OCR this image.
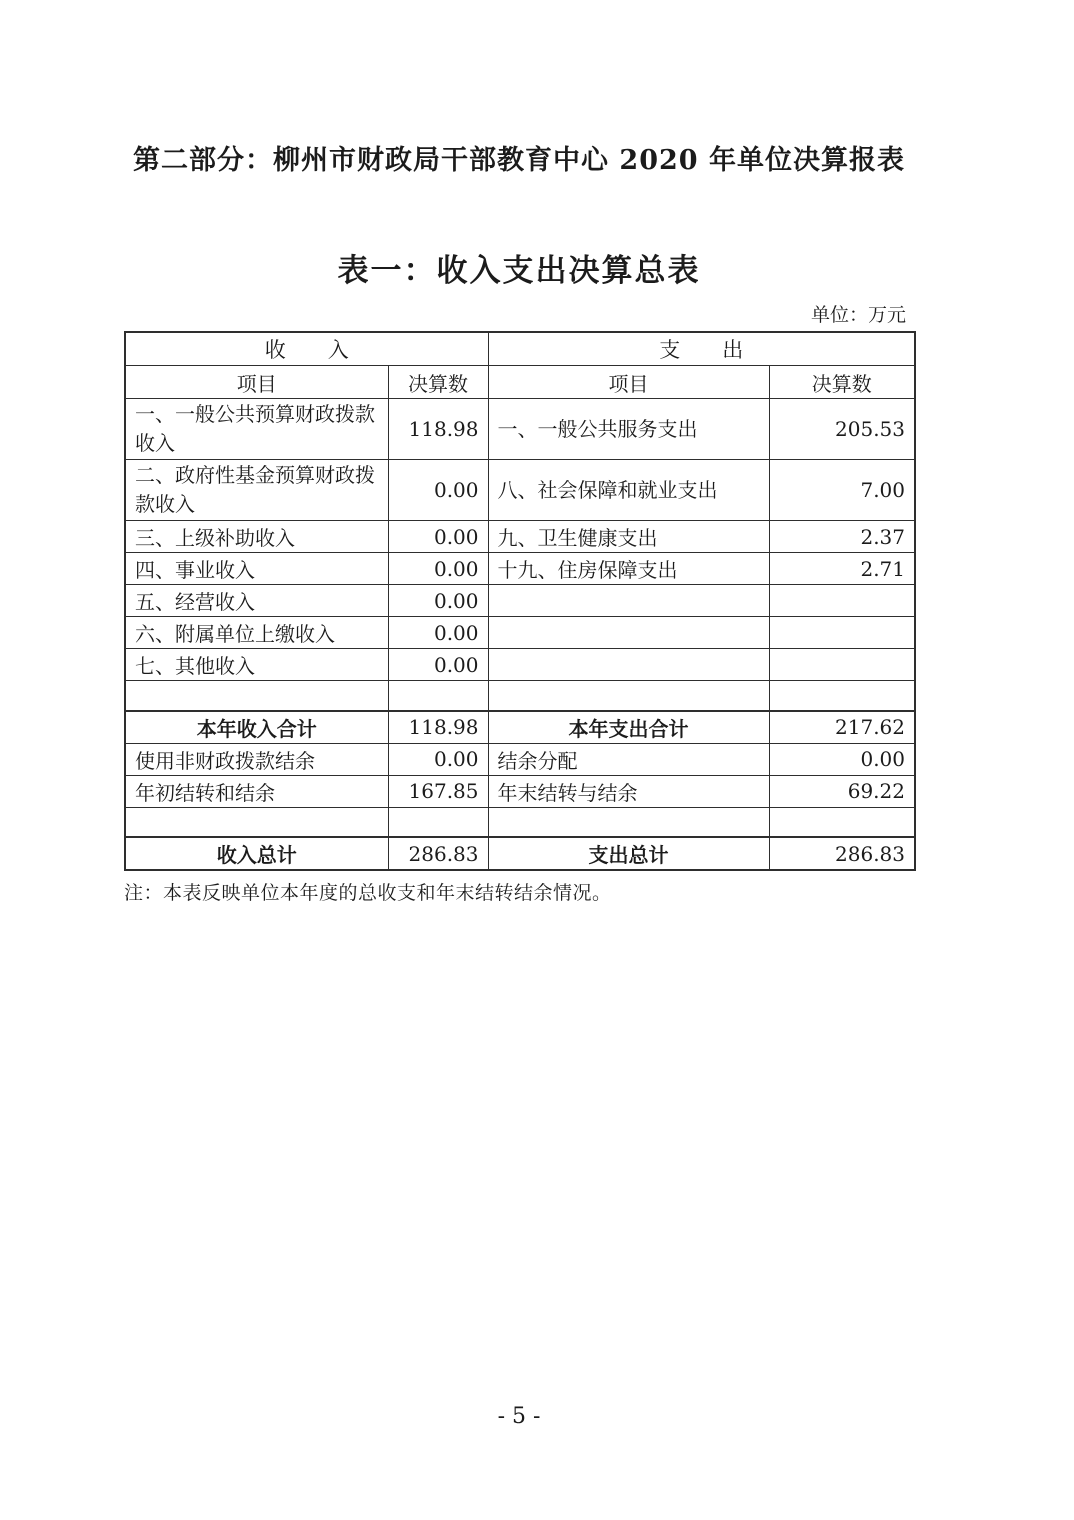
第二部分：柳州市财政局干部教育中心 2020 年单位决算报表
表一：收入支出决算总表
单位：万元
收　　入		支　　出	
项目	决算数	项目	决算数
一、一般公共预算财政拨款收入	118.98	一、一般公共服务支出	205.53
二、政府性基金预算财政拨款收入	0.00	八、社会保障和就业支出	7.00
三、上级补助收入	0.00	九、卫生健康支出	2.37
四、事业收入	0.00	十九、住房保障支出	2.71
五、经营收入	0.00		
六、附属单位上缴收入	0.00		
七、其他收入	0.00		

本年收入合计	118.98	本年支出合计	217.62
使用非财政拨款结余	0.00	结余分配	0.00
年初结转和结余	167.85	年末结转与结余	69.22

收入总计	286.83	支出总计	286.83
注：本表反映单位本年度的总收支和年末结转结余情况。
- 5 -
